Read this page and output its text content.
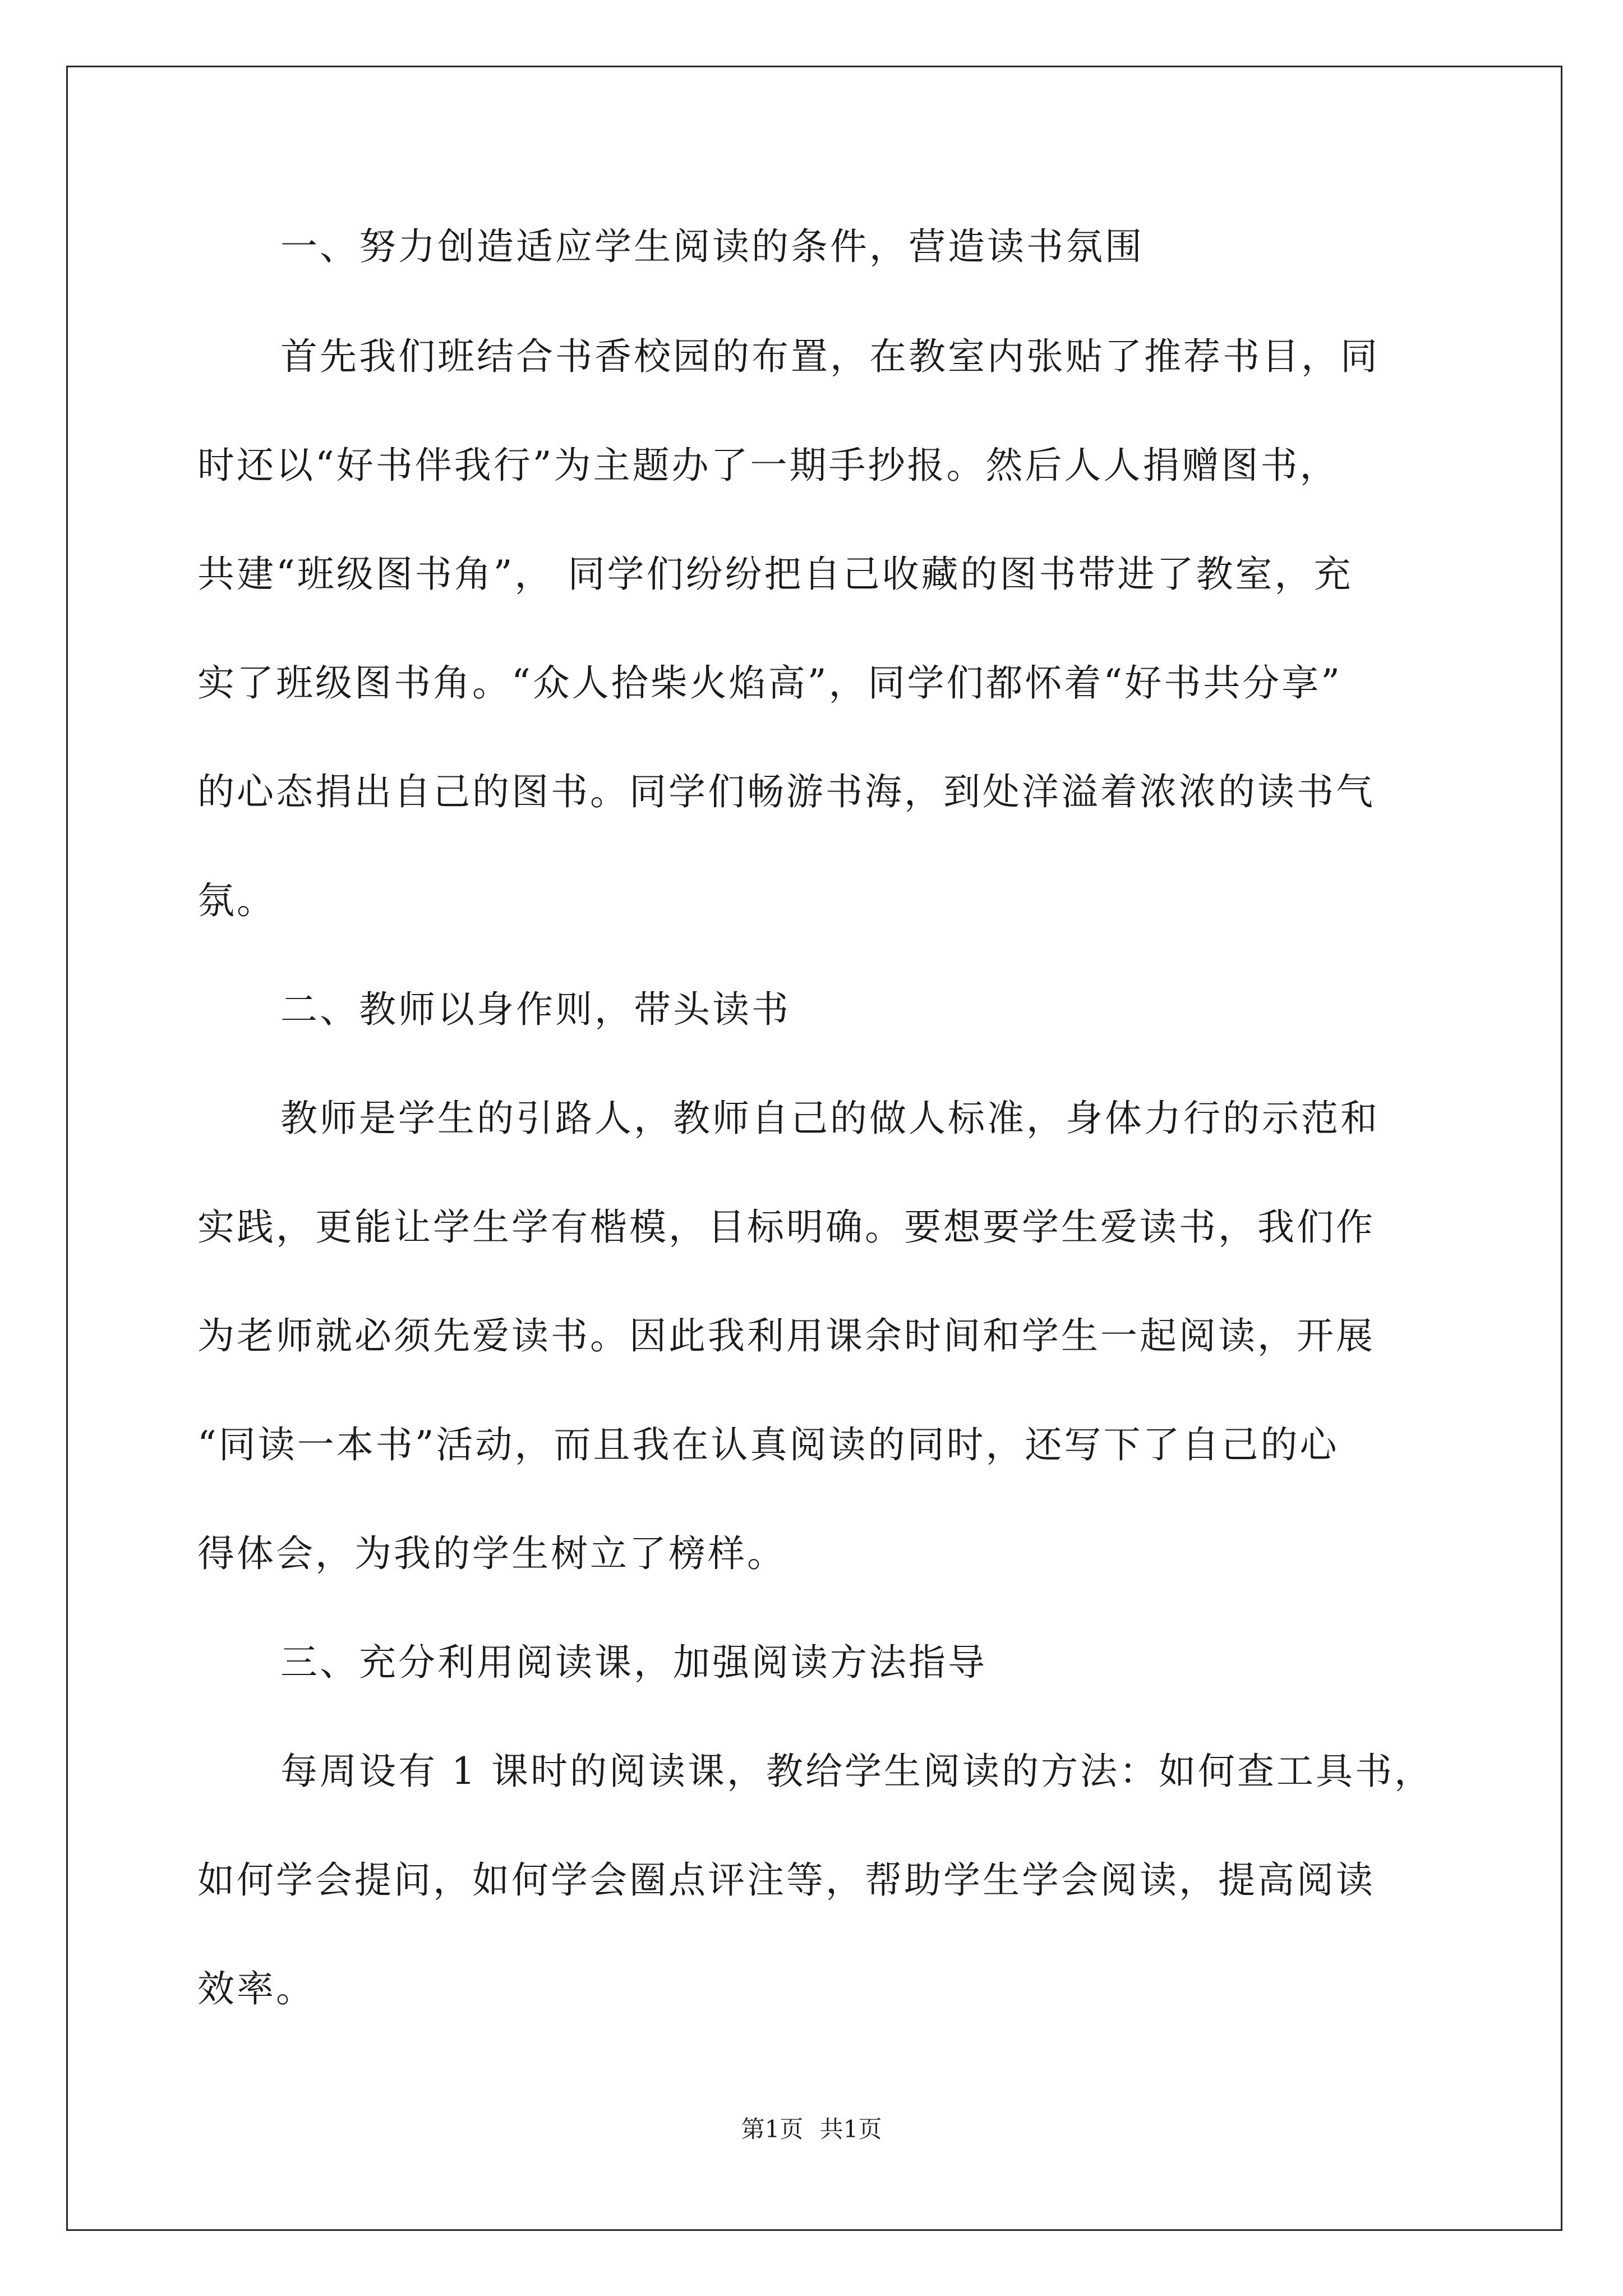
一、努力创造适应学生阅读的条件，营造读书氛围
首先我们班结合书香校园的布置，在教室内张贴了推荐书目，同
时还以“好书伴我行”为主题办了一期手抄报。然后人人捐赠图书，
共建“班级图书角”， 同学们纷纷把自己收藏的图书带进了教室，充
实了班级图书角。“众人拾柴火焰高”，同学们都怀着“好书共分享”
的心态捐出自己的图书。同学们畅游书海，到处洋溢着浓浓的读书气
氛。
二、教师以身作则，带头读书
教师是学生的引路人，教师自己的做人标准，身体力行的示范和
实践，更能让学生学有楷模，目标明确。要想要学生爱读书，我们作
为老师就必须先爱读书。因此我利用课余时间和学生一起阅读，开展
“同读一本书”活动，而且我在认真阅读的同时，还写下了自己的心
得体会，为我的学生树立了榜样。
三、充分利用阅读课，加强阅读方法指导
每周设有 1 课时的阅读课，教给学生阅读的方法：如何查工具书，
如何学会提问，如何学会圈点评注等，帮助学生学会阅读，提高阅读
效率。
第1页 共1页
